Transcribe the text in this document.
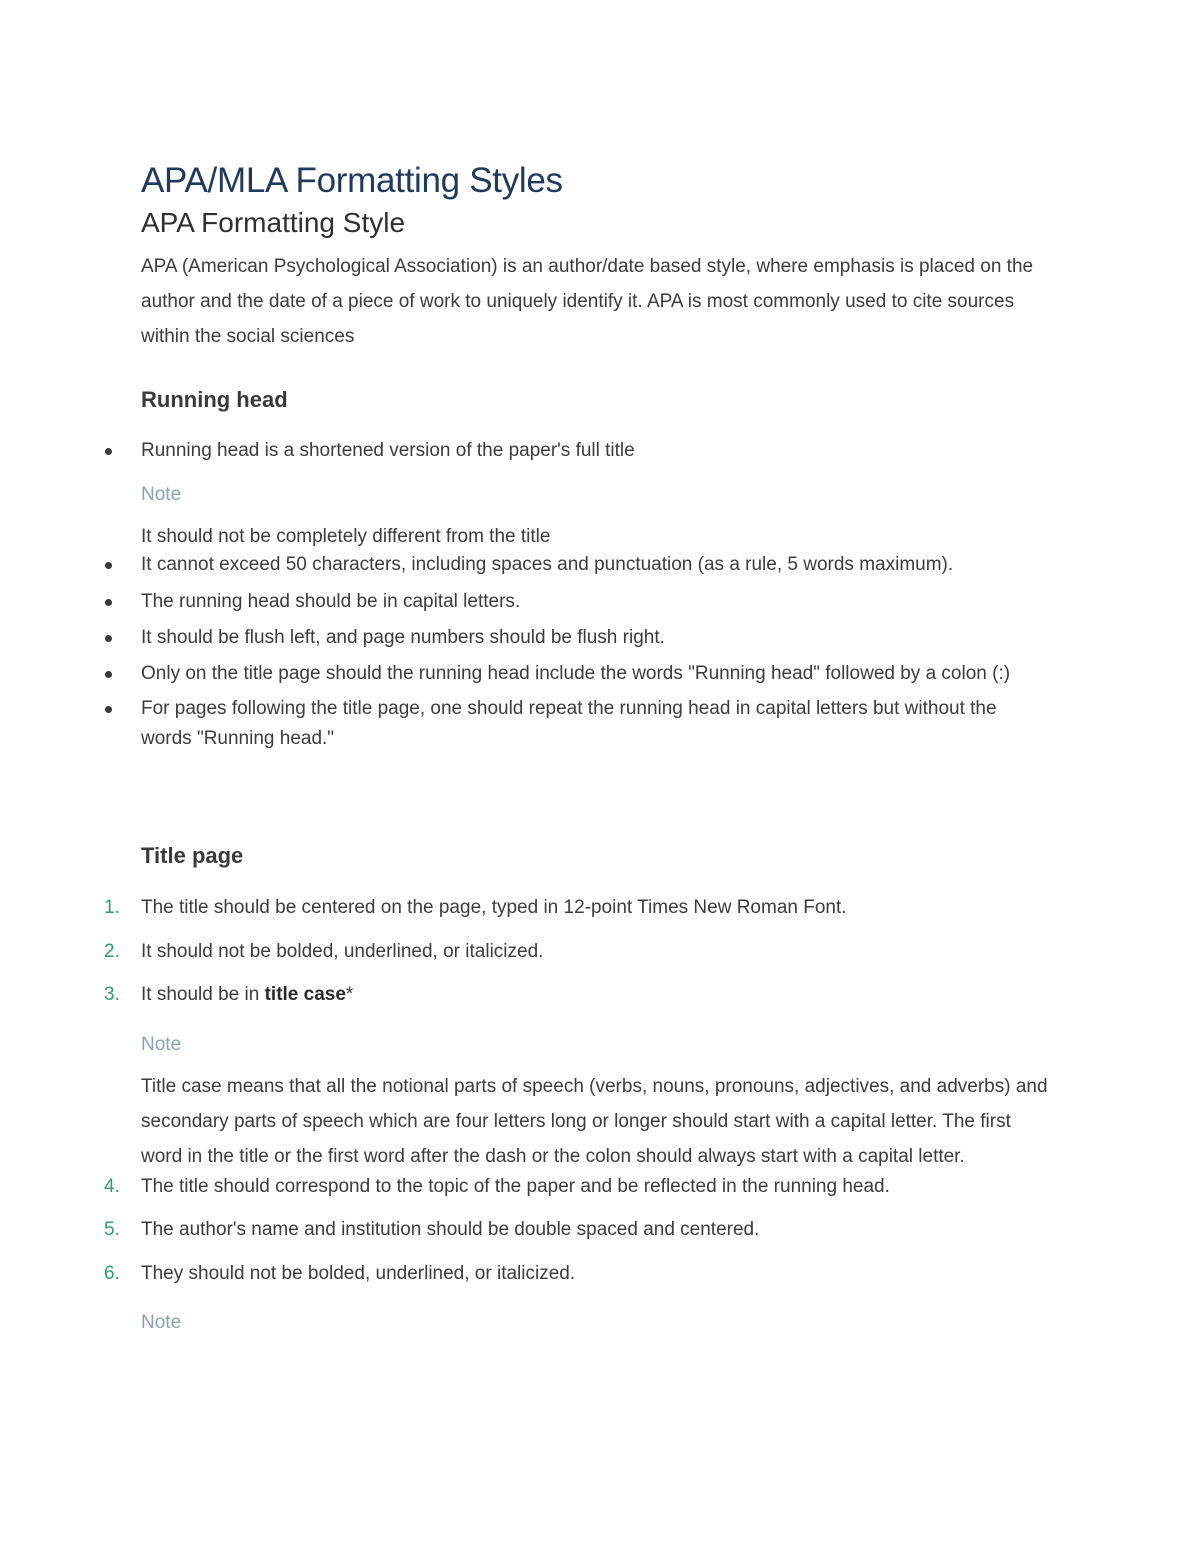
APA/MLA Formatting Styles
APA Formatting Style
APA (American Psychological Association) is an author/date based style, where emphasis is placed on the author and the date of a piece of work to uniquely identify it. APA is most commonly used to cite sources within the social sciences
Running head
Running head is a shortened version of the paper's full title
Note
It should not be completely different from the title
It cannot exceed 50 characters, including spaces and punctuation (as a rule, 5 words maximum).
The running head should be in capital letters.
It should be flush left, and page numbers should be flush right.
Only on the title page should the running head include the words "Running head" followed by a colon (:)
For pages following the title page, one should repeat the running head in capital letters but without the words "Running head."
Title page
1.	The title should be centered on the page, typed in 12-point Times New Roman Font.
2.	It should not be bolded, underlined, or italicized.
3.	It should be in title case*
Note
Title case means that all the notional parts of speech (verbs, nouns, pronouns, adjectives, and adverbs) and secondary parts of speech which are four letters long or longer should start with a capital letter. The first word in the title or the first word after the dash or the colon should always start with a capital letter.
4.	The title should correspond to the topic of the paper and be reflected in the running head.
5.	The author's name and institution should be double spaced and centered.
6.	They should not be bolded, underlined, or italicized.
Note
